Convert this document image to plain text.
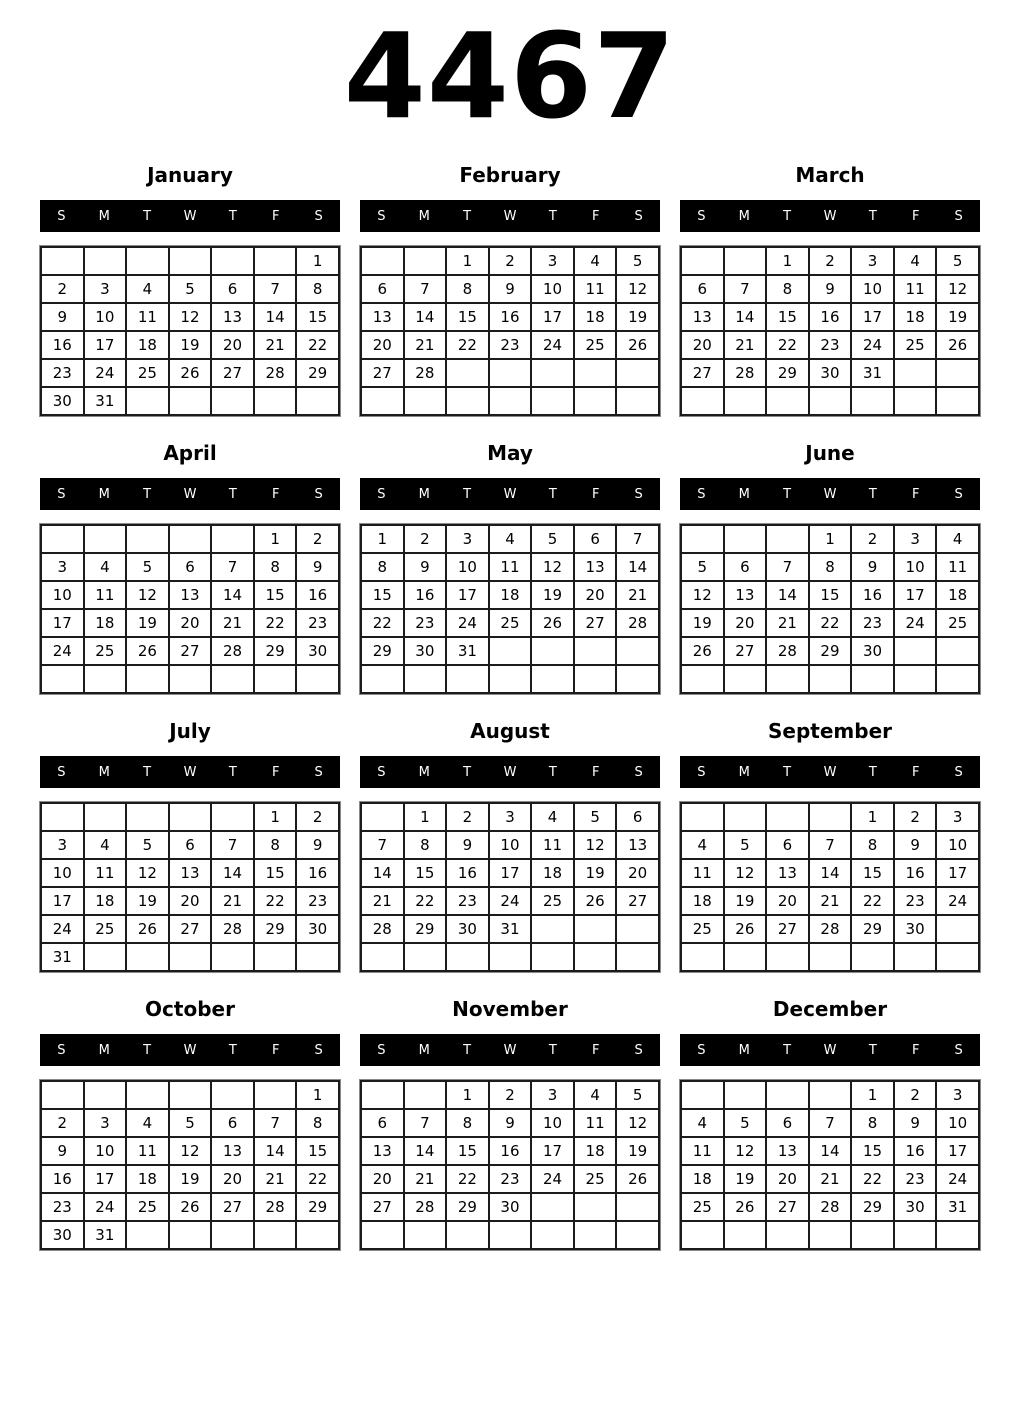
4467
January
S	M	T	W	T	F	S
						1
2	3	4	5	6	7	8
9	10	11	12	13	14	15
16	17	18	19	20	21	22
23	24	25	26	27	28	29
30	31					
February
S	M	T	W	T	F	S
		1	2	3	4	5
6	7	8	9	10	11	12
13	14	15	16	17	18	19
20	21	22	23	24	25	26
27	28					

March
S	M	T	W	T	F	S
		1	2	3	4	5
6	7	8	9	10	11	12
13	14	15	16	17	18	19
20	21	22	23	24	25	26
27	28	29	30	31		

April
S	M	T	W	T	F	S
					1	2
3	4	5	6	7	8	9
10	11	12	13	14	15	16
17	18	19	20	21	22	23
24	25	26	27	28	29	30

May
S	M	T	W	T	F	S
1	2	3	4	5	6	7
8	9	10	11	12	13	14
15	16	17	18	19	20	21
22	23	24	25	26	27	28
29	30	31				

June
S	M	T	W	T	F	S
			1	2	3	4
5	6	7	8	9	10	11
12	13	14	15	16	17	18
19	20	21	22	23	24	25
26	27	28	29	30		

July
S	M	T	W	T	F	S
					1	2
3	4	5	6	7	8	9
10	11	12	13	14	15	16
17	18	19	20	21	22	23
24	25	26	27	28	29	30
31						
August
S	M	T	W	T	F	S
	1	2	3	4	5	6
7	8	9	10	11	12	13
14	15	16	17	18	19	20
21	22	23	24	25	26	27
28	29	30	31			

September
S	M	T	W	T	F	S
				1	2	3
4	5	6	7	8	9	10
11	12	13	14	15	16	17
18	19	20	21	22	23	24
25	26	27	28	29	30	

October
S	M	T	W	T	F	S
						1
2	3	4	5	6	7	8
9	10	11	12	13	14	15
16	17	18	19	20	21	22
23	24	25	26	27	28	29
30	31					
November
S	M	T	W	T	F	S
		1	2	3	4	5
6	7	8	9	10	11	12
13	14	15	16	17	18	19
20	21	22	23	24	25	26
27	28	29	30			

December
S	M	T	W	T	F	S
				1	2	3
4	5	6	7	8	9	10
11	12	13	14	15	16	17
18	19	20	21	22	23	24
25	26	27	28	29	30	31
